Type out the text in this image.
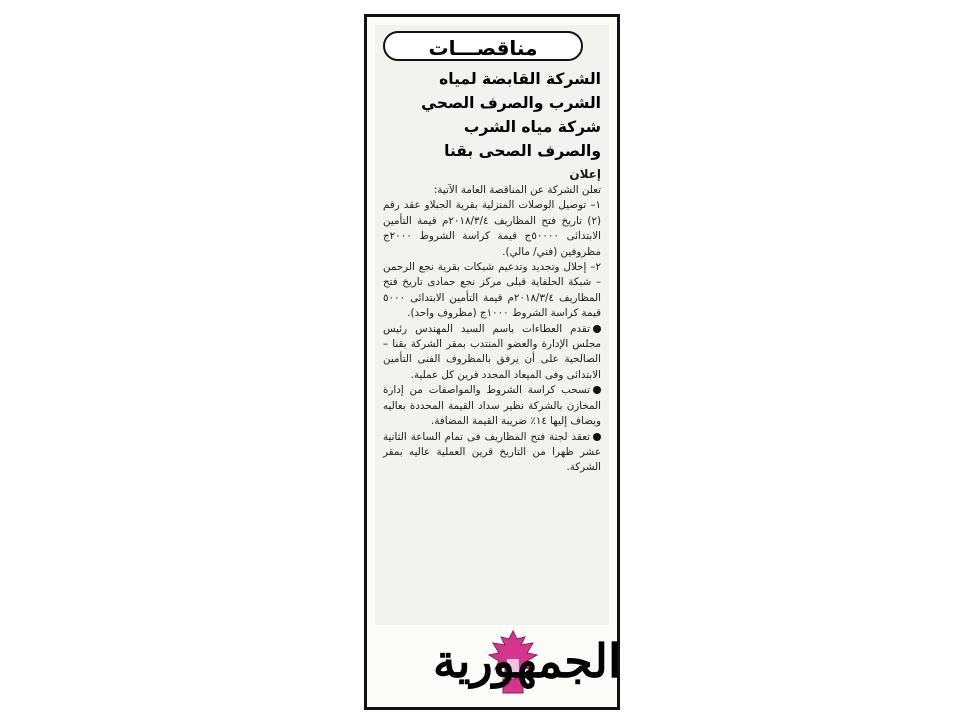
مناقصـــات

الشركة القابضة لمياه

الشرب والصرف الصحي

شركة مياه الشرب

والصرف الصحى بقنا

إعلان

تعلن الشركة عن المناقصة العامة الآتية:

١– توصيل الوصلات المنزلية بقرية الجبلاو عقد رقم (٢) تاريخ فتح المظاريف ٢٠١٨/٣/٤م قيمة التأمين الابتدائى ٥٠٠٠٠ج قيمة كراسة الشروط ٢٠٠٠ج مظروفين (فني/ مالي).

٢– إحلال وتجديد وتدعيم شبكات بقرية نجع الرحمن – شبكة الحلفاية قبلى مركز نجع حمادى تاريخ فتح المظاريف ٢٠١٨/٣/٤م قيمة التأمين الابتدائى ٥٠٠٠ قيمة كراسة الشروط ١٠٠٠ج (مظروف واحد).

تقدم العطاءات باسم السيد المهندس رئيس مجلس الإدارة والعضو المنتدب بمقر الشركة بقنا – الصالحية على أن يرفق بالمظروف الفنى التأمين الابتدائى وفى الميعاد المحدد قرين كل عملية.

تسحب كراسة الشروط والمواصفات من إدارة المخازن بالشركة نظير سداد القيمة المحددة بعاليه ويضاف إليها ١٤٪ ضريبة القيمة المضافة.

تعقد لجنة فتح المظاريف فى تمام الساعة الثانية عشر ظهرا من التاريخ قرين العملية عاليه بمقر الشركة.

الجمهورية
